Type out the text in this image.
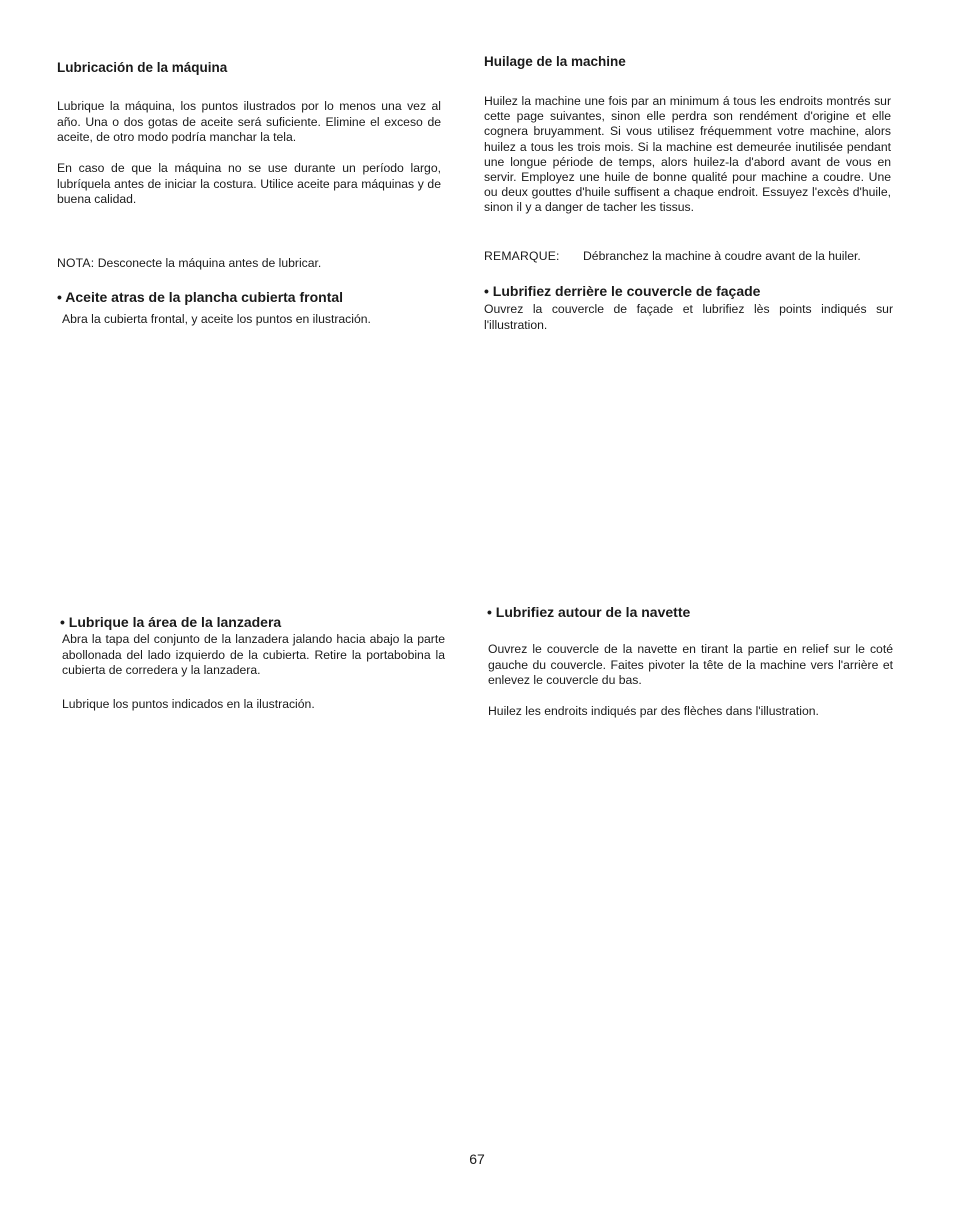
Lubricación de la máquina

Lubrique la máquina, los puntos ilustrados por lo menos una vez al año. Una o dos gotas de aceite será suficiente. Elimine el exceso de aceite, de otro modo podría manchar la tela.

En caso de que la máquina no se use durante un período largo, lubríquela antes de iniciar la costura. Utilice aceite para máquinas y de buena calidad.

NOTA: Desconecte la máquina antes de lubricar.

• Aceite atras de la plancha cubierta frontal

Abra la cubierta frontal, y aceite los puntos en ilustración.

• Lubrique la área de la lanzadera

Abra la tapa del conjunto de la lanzadera jalando hacia abajo la parte abollonada del lado izquierdo de la cubierta. Retire la portabobina la cubierta de corredera y la lanzadera.

Lubrique los puntos indicados en la ilustración.

Huilage de la machine

Huilez la machine une fois par an minimum á tous les endroits montrés sur cette page suivantes, sinon elle perdra son rendément d'origine et elle cognera bruyamment. Si vous utilisez fréquemment votre machine, alors huilez a tous les trois mois. Si la machine est demeurée inutilisée pendant une longue période de temps, alors huilez-la d'abord avant de vous en servir. Employez une huile de bonne qualité pour machine a coudre. Une ou deux gouttes d'huile suffisent a chaque endroit. Essuyez l'excès d'huile, sinon il y a danger de tacher les tissus.

REMARQUE:	Débranchez la machine à coudre avant de la huiler.
• Lubrifiez derrière le couvercle de façade

Ouvrez la couvercle de façade et lubrifiez lès points indiqués sur l'illustration.

• Lubrifiez autour de la navette

Ouvrez le couvercle de la navette en tirant la partie en relief sur le coté gauche du couvercle. Faites pivoter la tête de la machine vers l'arrière et enlevez le couvercle du bas.

Huilez les endroits indiqués par des flèches dans l'illustration.

67
